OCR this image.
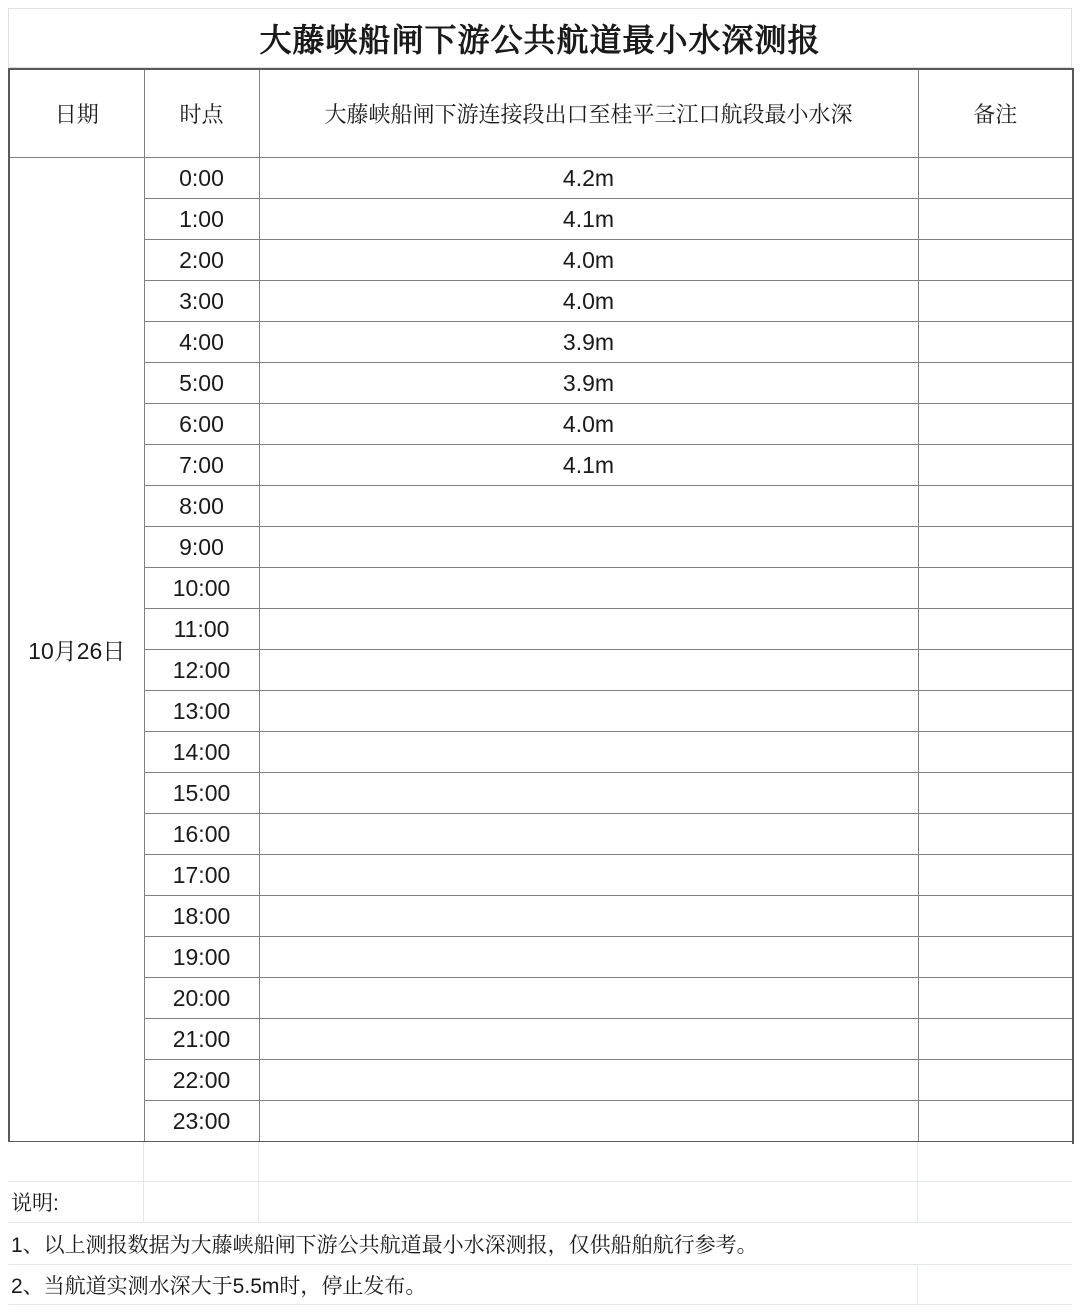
大藤峡船闸下游公共航道最小水深测报
日期	时点	大藤峡船闸下游连接段出口至桂平三江口航段最小水深	备注
10月26日	0:00	4.2m	
	1:00	4.1m	
	2:00	4.0m	
	3:00	4.0m	
	4:00	3.9m	
	5:00	3.9m	
	6:00	4.0m	
	7:00	4.1m	
	8:00		
	9:00		
	10:00		
	11:00		
	12:00		
	13:00		
	14:00		
	15:00		
	16:00		
	17:00		
	18:00		
	19:00		
	20:00		
	21:00		
	22:00		
	23:00		

说明:			
1、以上测报数据为大藤峡船闸下游公共航道最小水深测报，仅供船舶航行参考。			
2、当航道实测水深大于5.5m时，停止发布。			
